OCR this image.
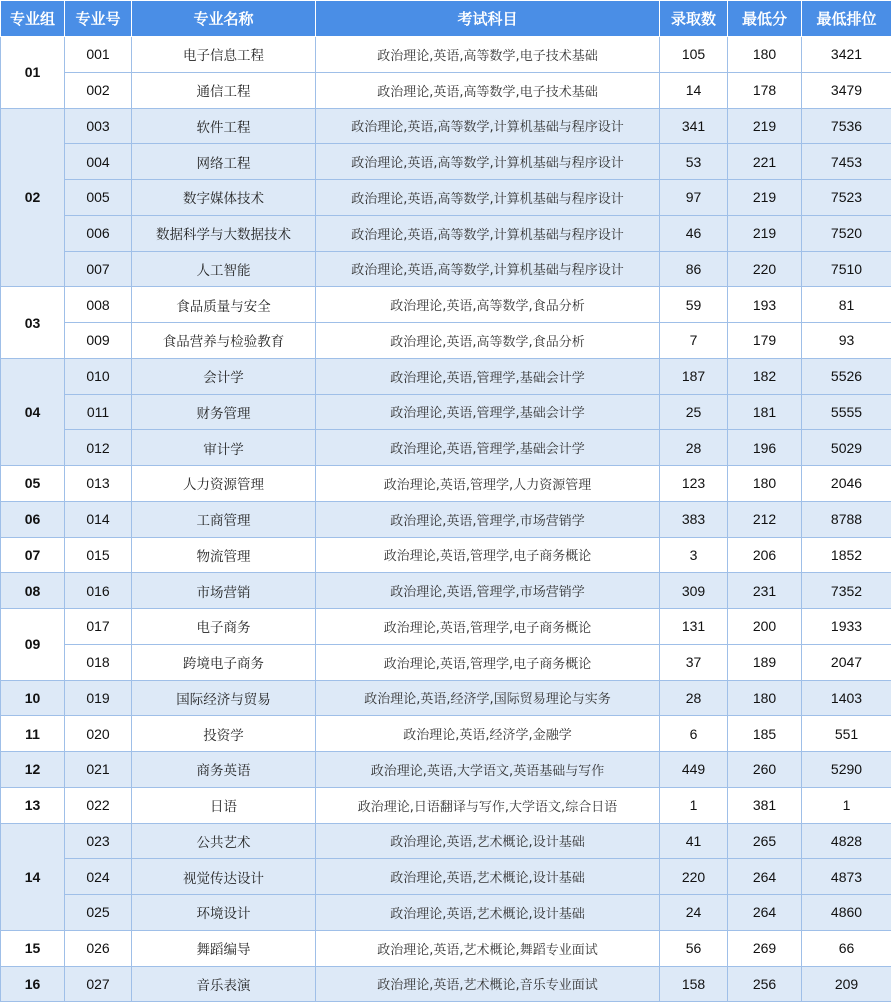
专业组	专业号	专业名称	考试科目	录取数	最低分	最低排位
01	001	电子信息工程	政治理论,英语,高等数学,电子技术基础	105	180	3421
	002	通信工程	政治理论,英语,高等数学,电子技术基础	14	178	3479
02	003	软件工程	政治理论,英语,高等数学,计算机基础与程序设计	341	219	7536
	004	网络工程	政治理论,英语,高等数学,计算机基础与程序设计	53	221	7453
	005	数字媒体技术	政治理论,英语,高等数学,计算机基础与程序设计	97	219	7523
	006	数据科学与大数据技术	政治理论,英语,高等数学,计算机基础与程序设计	46	219	7520
	007	人工智能	政治理论,英语,高等数学,计算机基础与程序设计	86	220	7510
03	008	食品质量与安全	政治理论,英语,高等数学,食品分析	59	193	81
	009	食品营养与检验教育	政治理论,英语,高等数学,食品分析	7	179	93
04	010	会计学	政治理论,英语,管理学,基础会计学	187	182	5526
	011	财务管理	政治理论,英语,管理学,基础会计学	25	181	5555
	012	审计学	政治理论,英语,管理学,基础会计学	28	196	5029
05	013	人力资源管理	政治理论,英语,管理学,人力资源管理	123	180	2046
06	014	工商管理	政治理论,英语,管理学,市场营销学	383	212	8788
07	015	物流管理	政治理论,英语,管理学,电子商务概论	3	206	1852
08	016	市场营销	政治理论,英语,管理学,市场营销学	309	231	7352
09	017	电子商务	政治理论,英语,管理学,电子商务概论	131	200	1933
	018	跨境电子商务	政治理论,英语,管理学,电子商务概论	37	189	2047
10	019	国际经济与贸易	政治理论,英语,经济学,国际贸易理论与实务	28	180	1403
11	020	投资学	政治理论,英语,经济学,金融学	6	185	551
12	021	商务英语	政治理论,英语,大学语文,英语基础与写作	449	260	5290
13	022	日语	政治理论,日语翻译与写作,大学语文,综合日语	1	381	1
14	023	公共艺术	政治理论,英语,艺术概论,设计基础	41	265	4828
	024	视觉传达设计	政治理论,英语,艺术概论,设计基础	220	264	4873
	025	环境设计	政治理论,英语,艺术概论,设计基础	24	264	4860
15	026	舞蹈编导	政治理论,英语,艺术概论,舞蹈专业面试	56	269	66
16	027	音乐表演	政治理论,英语,艺术概论,音乐专业面试	158	256	209
